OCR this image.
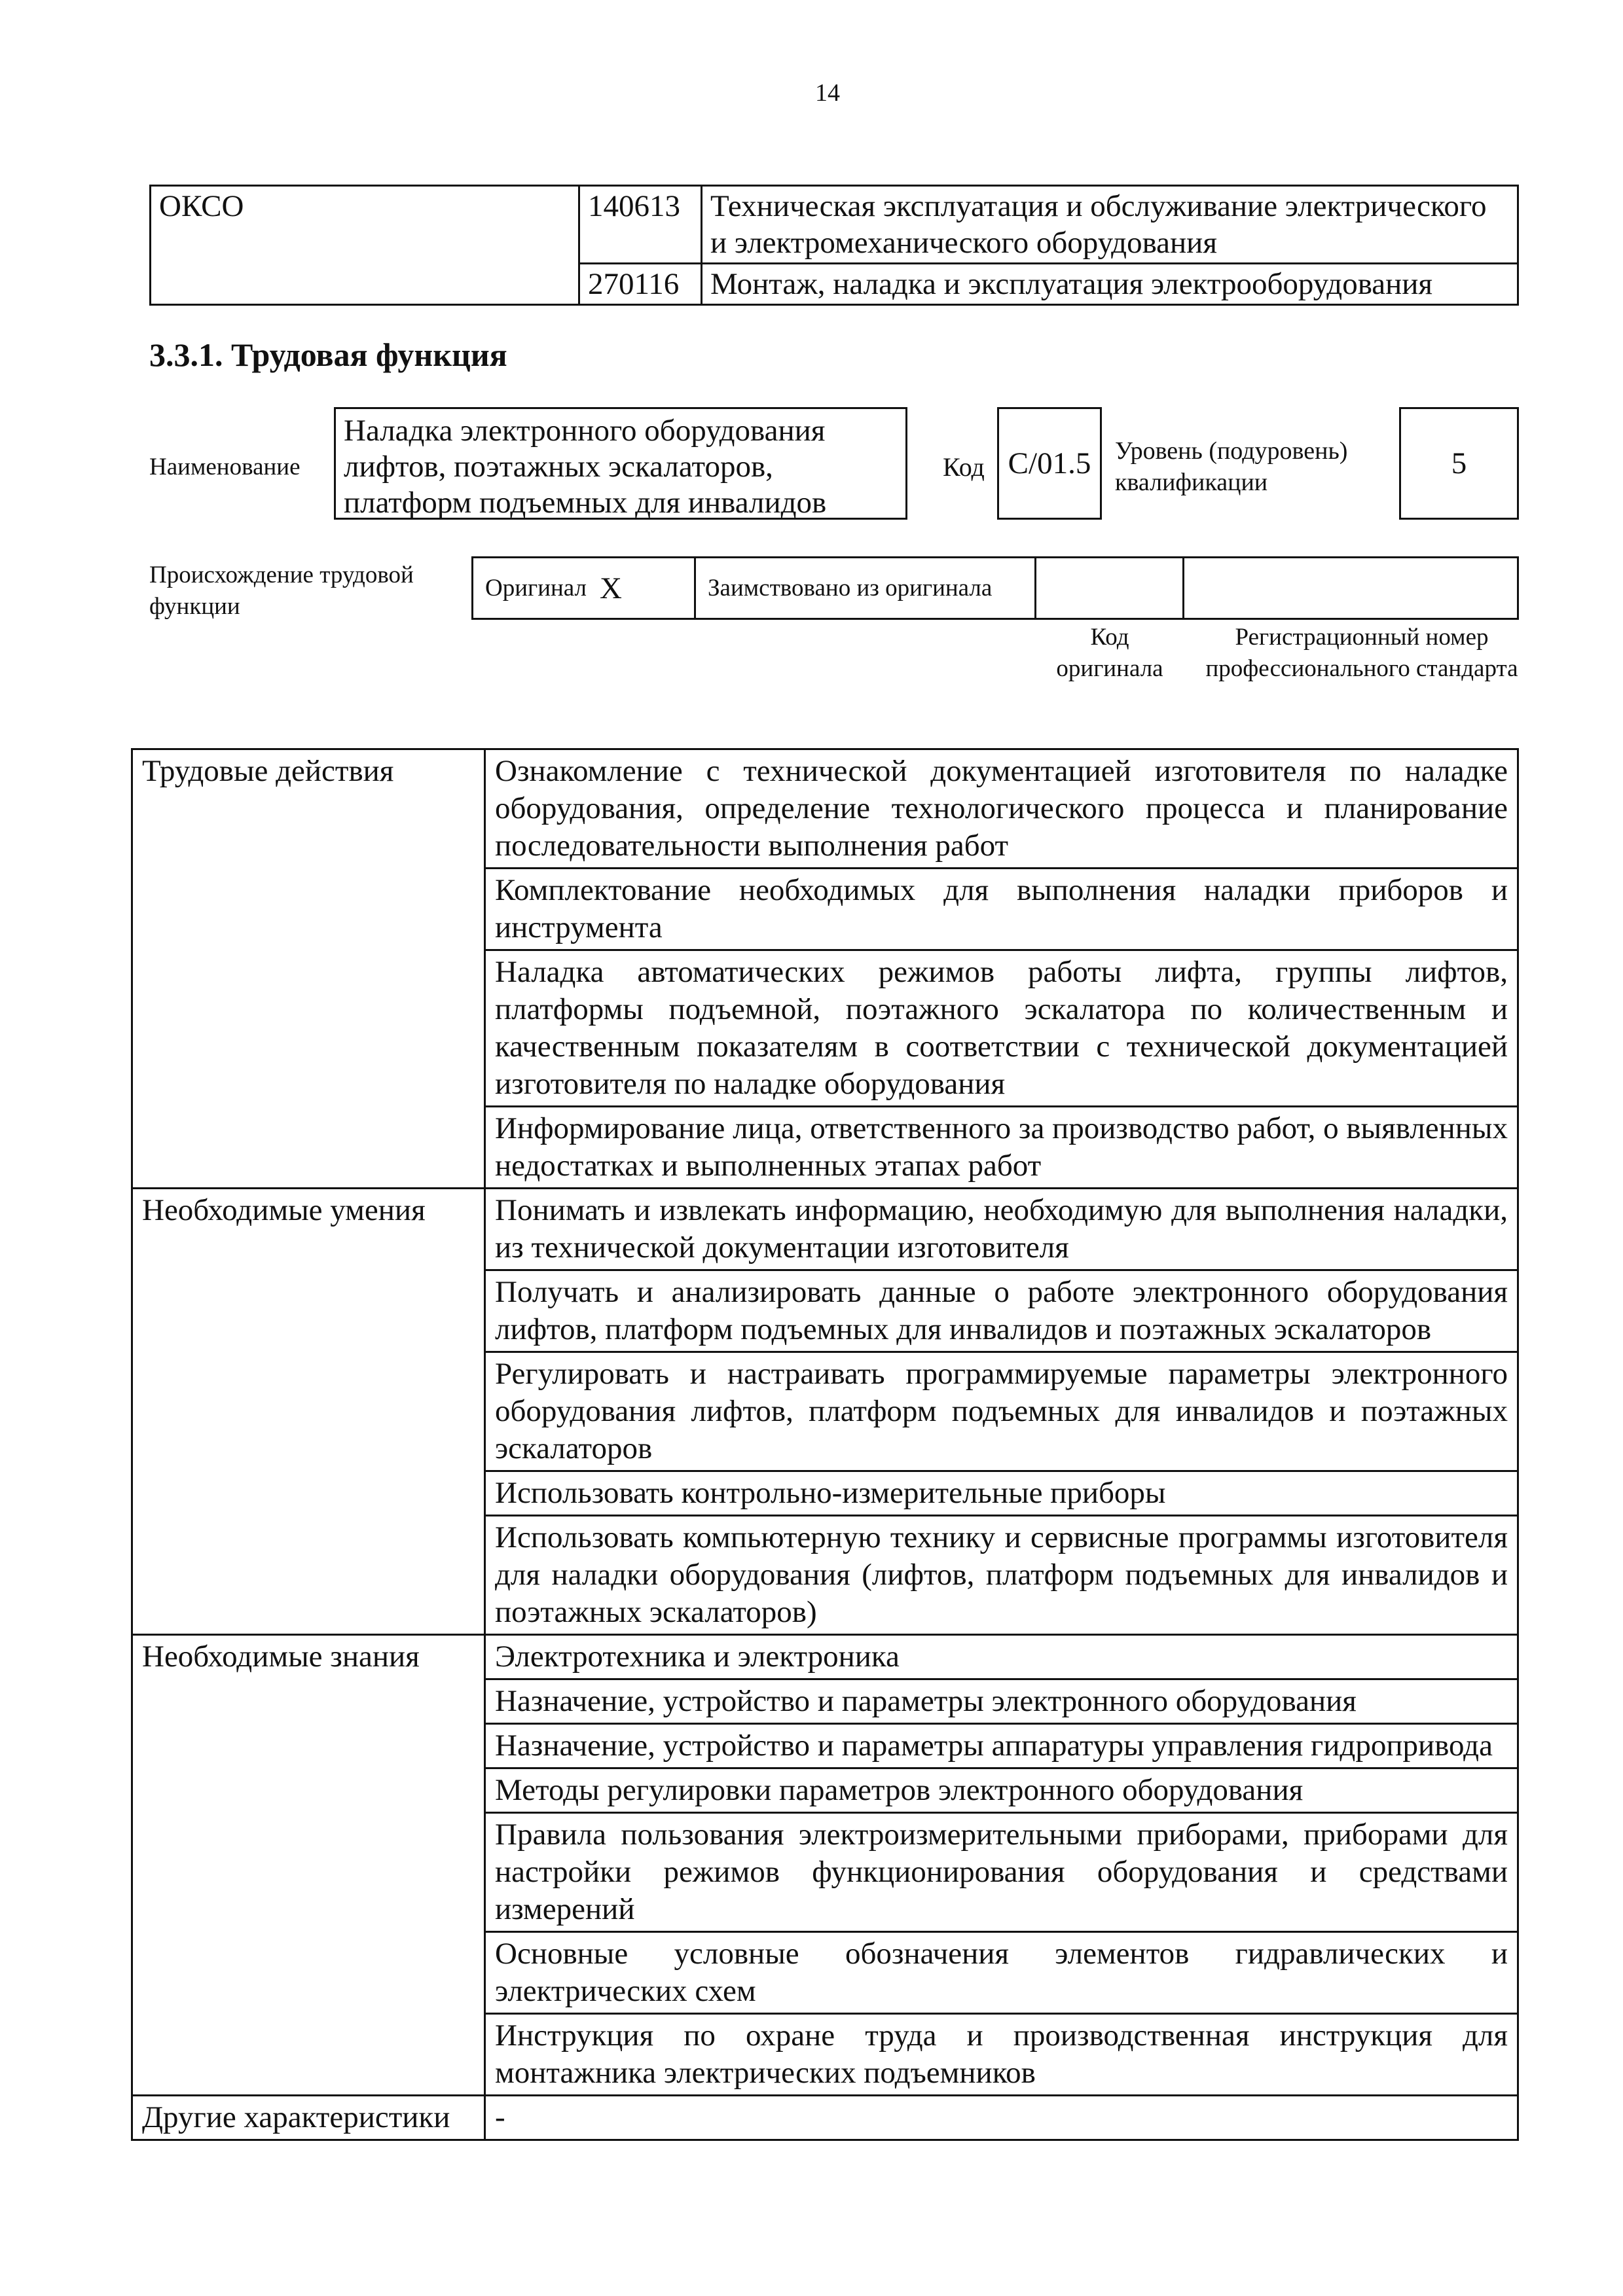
14
ОКСО	140613	Техническая эксплуатация и обслуживание электрического и электромеханического оборудования
	270116	Монтаж, наладка и эксплуатация электрооборудования
3.3.1. Трудовая функция
Наименование
Наладка электронного оборудования лифтов, поэтажных эскалаторов, платформ подъемных для инвалидов
Код C/01.5 Уровень (подуровень) квалификации
5
Происхождение трудовой функции
Оригинал X	Заимствовано из оригинала
Код оригинала
Регистрационный номер профессионального стандарта
Трудовые действия	Ознакомление с технической документацией изготовителя по наладке оборудования, определение технологического процесса и планирование последовательности выполнения работ
	Комплектование необходимых для выполнения наладки приборов и инструмента
	Наладка автоматических режимов работы лифта, группы лифтов, платформы подъемной, поэтажного эскалатора по количественным и качественным показателям в соответствии с технической документацией изготовителя по наладке оборудования
	Информирование лица, ответственного за производство работ, о выявленных недостатках и выполненных этапах работ
Необходимые умения	Понимать и извлекать информацию, необходимую для выполнения наладки, из технической документации изготовителя
	Получать и анализировать данные о работе электронного оборудования лифтов, платформ подъемных для инвалидов и поэтажных эскалаторов
	Регулировать и настраивать программируемые параметры электронного оборудования лифтов, платформ подъемных для инвалидов и поэтажных эскалаторов
	Использовать контрольно-измерительные приборы
	Использовать компьютерную технику и сервисные программы изготовителя для наладки оборудования (лифтов, платформ подъемных для инвалидов и поэтажных эскалаторов)
Необходимые знания	Электротехника и электроника
	Назначение, устройство и параметры электронного оборудования
	Назначение, устройство и параметры аппаратуры управления гидропривода
	Методы регулировки параметров электронного оборудования
	Правила пользования электроизмерительными приборами, приборами для настройки режимов функционирования оборудования и средствами измерений
	Основные условные обозначения элементов гидравлических и электрических схем
	Инструкция по охране труда и производственная инструкция для монтажника электрических подъемников
Другие характеристики	-
